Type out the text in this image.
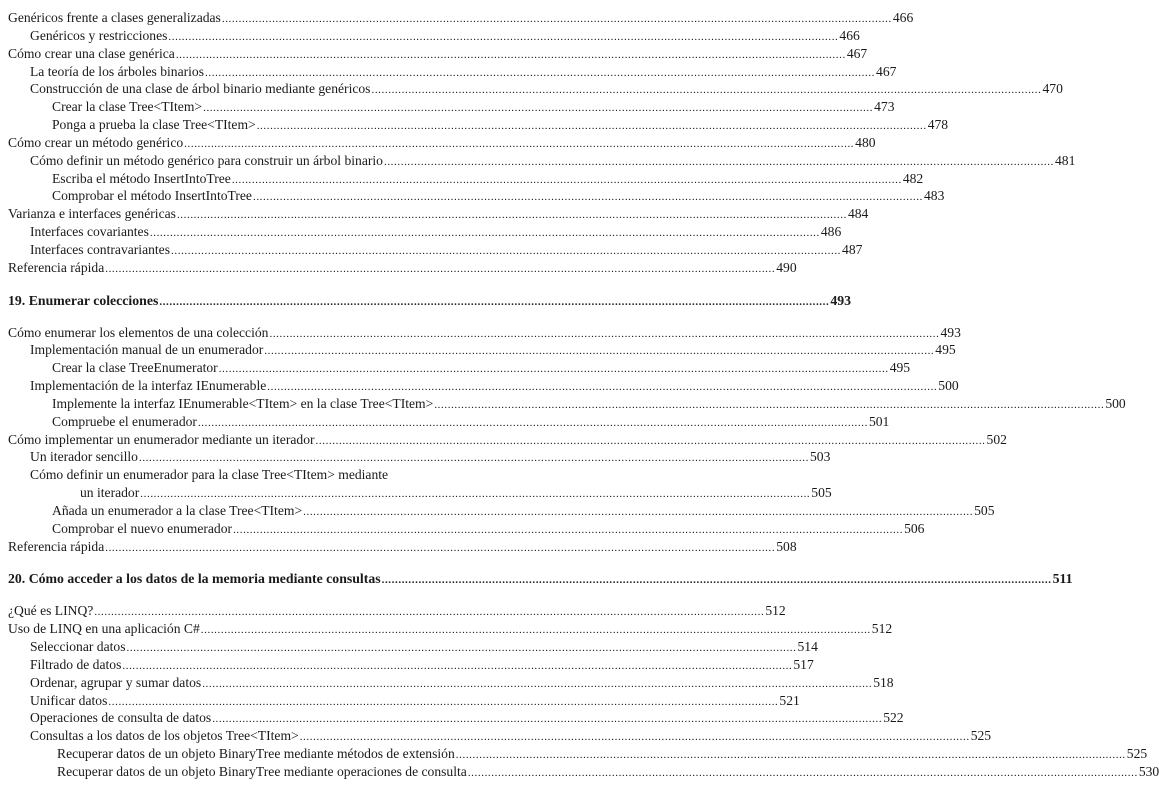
Genéricos frente a clases generalizadas ........................................................................................................................................................................................................ 466
Genéricos y restricciones ........................................................................................................................................................................................................ 466
Cómo crear una clase genérica ........................................................................................................................................................................................................ 467
La teoría de los árboles binarios ........................................................................................................................................................................................................ 467
Construcción de una clase de árbol binario mediante genéricos ........................................................................................................................................................................................................ 470
Crear la clase Tree<TItem> ........................................................................................................................................................................................................ 473
Ponga a prueba la clase Tree<TItem> ........................................................................................................................................................................................................ 478
Cómo crear un método genérico ........................................................................................................................................................................................................ 480
Cómo definir un método genérico para construir un árbol binario ........................................................................................................................................................................................................ 481
Escriba el método InsertIntoTree ........................................................................................................................................................................................................ 482
Comprobar el método InsertIntoTree ........................................................................................................................................................................................................ 483
Varianza e interfaces genéricas ........................................................................................................................................................................................................ 484
Interfaces covariantes ........................................................................................................................................................................................................ 486
Interfaces contravariantes ........................................................................................................................................................................................................ 487
Referencia rápida ........................................................................................................................................................................................................ 490
19. Enumerar colecciones ........................................................................................................................................................................................................ 493
Cómo enumerar los elementos de una colección ........................................................................................................................................................................................................ 493
Implementación manual de un enumerador ........................................................................................................................................................................................................ 495
Crear la clase TreeEnumerator ........................................................................................................................................................................................................ 495
Implementación de la interfaz IEnumerable ........................................................................................................................................................................................................ 500
Implemente la interfaz IEnumerable<TItem> en la clase Tree<TItem> ........................................................................................................................................................................................................ 500
Compruebe el enumerador ........................................................................................................................................................................................................ 501
Cómo implementar un enumerador mediante un iterador ........................................................................................................................................................................................................ 502
Un iterador sencillo ........................................................................................................................................................................................................ 503
Cómo definir un enumerador para la clase Tree<TItem> mediante
un iterador ........................................................................................................................................................................................................ 505
Añada un enumerador a la clase Tree<TItem> ........................................................................................................................................................................................................ 505
Comprobar el nuevo enumerador ........................................................................................................................................................................................................ 506
Referencia rápida ........................................................................................................................................................................................................ 508
20. Cómo acceder a los datos de la memoria mediante consultas ........................................................................................................................................................................................................ 511
¿Qué es LINQ? ........................................................................................................................................................................................................ 512
Uso de LINQ en una aplicación C# ........................................................................................................................................................................................................ 512
Seleccionar datos ........................................................................................................................................................................................................ 514
Filtrado de datos ........................................................................................................................................................................................................ 517
Ordenar, agrupar y sumar datos ........................................................................................................................................................................................................ 518
Unificar datos ........................................................................................................................................................................................................ 521
Operaciones de consulta de datos ........................................................................................................................................................................................................ 522
Consultas a los datos de los objetos Tree<TItem> ........................................................................................................................................................................................................ 525
Recuperar datos de un objeto BinaryTree mediante métodos de extensión ........................................................................................................................................................................................................ 525
Recuperar datos de un objeto BinaryTree mediante operaciones de consulta ........................................................................................................................................................................................................ 530
